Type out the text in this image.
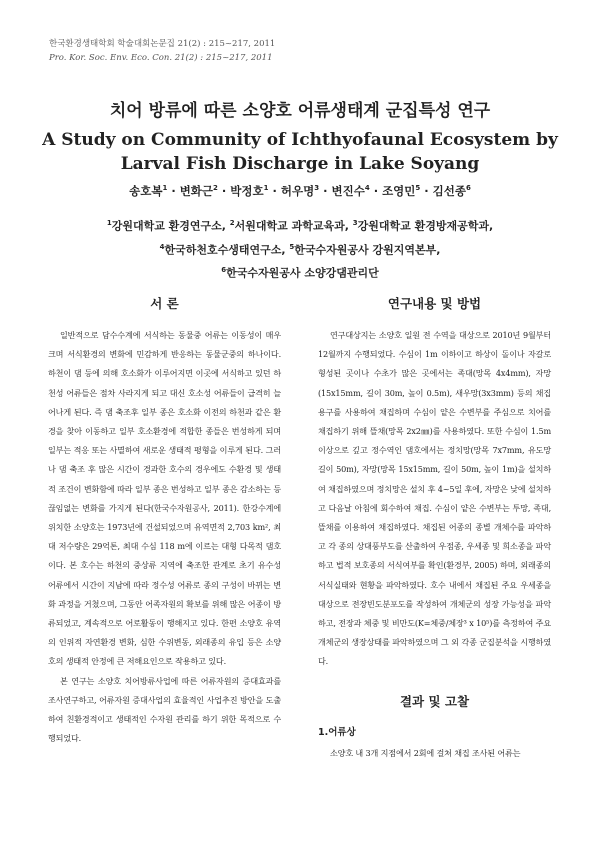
한국환경생태학회 학술대회논문집 21(2) : 215~217, 2011
Pro. Kor. Soc. Env. Eco. Con. 21(2) : 215~217, 2011
치어 방류에 따른 소양호 어류생태계 군집특성 연구
A Study on Community of Ichthyofaunal Ecosystem by Larval Fish Discharge in Lake Soyang
송호복$^1$ · 변화근$^2$ · 박정호$^1$ · 허우명$^3$ · 변진수$^4$ · 조영민$^5$ · 김선종$^6$
$^1$강원대학교 환경연구소, $^2$서원대학교 과학교육과, $^3$강원대학교 환경방재공학과,
$^4$한국하천호수생태연구소, $^5$한국수자원공사 강원지역본부,
$^6$한국수자원공사 소양강댐관리단
서 론

일반적으로 담수수계에 서식하는 동물중 어류는 이동성이 매우 크며 서식환경의 변화에 민감하게 반응하는 동물군중의 하나이다. 하천이 댐 등에 의해 호소화가 이루어지면 이곳에 서식하고 있던 하천성 어류들은 점차 사라지게 되고 대신 호소성 어류들이 급격히 늘어나게 된다. 즉 댐 축조후 일부 종은 호소화 이전의 하천과 같은 환경을 찾아 이동하고 일부 호소환경에 적합한 종들은 번성하게 되며 일부는 적응 또는 사멸하여 새로운 생태적 평형을 이루게 된다. 그러나 댐 축조 후 많은 시간이 경과한 호수의 경우에도 수환경 및 생태적 조건이 변화함에 따라 일부 종은 번성하고 일부 종은 감소하는 등 끊임없는 변화를 가지게 된다(한국수자원공사, 2011). 한강수계에 위치한 소양호는 1973년에 건설되었으며 유역면적 2,703 km², 최대 저수량은 29억톤, 최대 수심 118 m에 이르는 대형 다목적 댐호이다. 본 호수는 하천의 중상류 지역에 축조한 관계로 초기 유수성 어류에서 시간이 지남에 따라 정수성 어류로 종의 구성이 바뀌는 변화 과정을 거쳤으며, 그동안 어족자원의 확보를 위해 많은 어종이 방류되었고, 계속적으로 어로활동이 행해지고 있다. 한편 소양호 유역의 인위적 자연환경 변화, 심한 수위변동, 외래종의 유입 등은 소양호의 생태적 안정에 큰 저해요인으로 작용하고 있다.

본 연구는 소양호 치어방류사업에 따른 어류자원의 증대효과를 조사연구하고, 어류자원 증대사업의 효율적인 사업추진 방안을 도출하여 친환경적이고 생태적인 수자원 관리를 하기 위한 목적으로 수행되었다.

연구내용 및 방법

연구대상지는 소양호 일원 전 수역을 대상으로 2010년 9월부터 12월까지 수행되었다. 수심이 1m 이하이고 하상이 돌이나 자갈로 형성된 곳이나 수초가 많은 곳에서는 족대(망목 4x4mm), 자망(15x15mm, 길이 30m, 높이 0.5m), 새우망(3x3mm) 등의 채집 용구를 사용하여 채집하며 수심이 얕은 수변부를 주심으로 치어를 채집하기 위해 뜰채(망목 2x2㎜)를 사용하였다. 또한 수심이 1.5m 이상으로 깊고 정수역인 댐호에서는 정치망(망목 7x7mm, 유도망 길이 50m), 자망(망목 15x15mm, 길이 50m, 높이 1m)을 설치하여 채집하였으며 정치망은 설치 후 4~5일 후에, 자망은 낮에 설치하고 다음날 아침에 회수하여 채집. 수심이 얕은 수변부는 투망, 족대, 뜰채를 이용하여 채집하였다. 채집된 어종의 종별 개체수를 파악하고 각 종의 상대풍부도를 산출하여 우점종, 우세종 및 희소종을 파악하고 법적 보호종의 서식여부를 확인(환경부, 2005) 하며, 외래종의 서식실태와 현황을 파악하였다. 호수 내에서 채집된 주요 우세종을 대상으로 전장빈도분포도를 작성하여 개체군의 성장 가능성을 파악하고, 전장과 체중 및 비만도(K=체중/체장³ x 10⁵)를 측정하여 주요 개체군의 생장상태를 파악하였으며 그 외 각종 군집분석을 시행하였다.

결과 및 고찰
1.어류상

소양호 내 3개 지점에서 2회에 걸쳐 채집 조사된 어류는
